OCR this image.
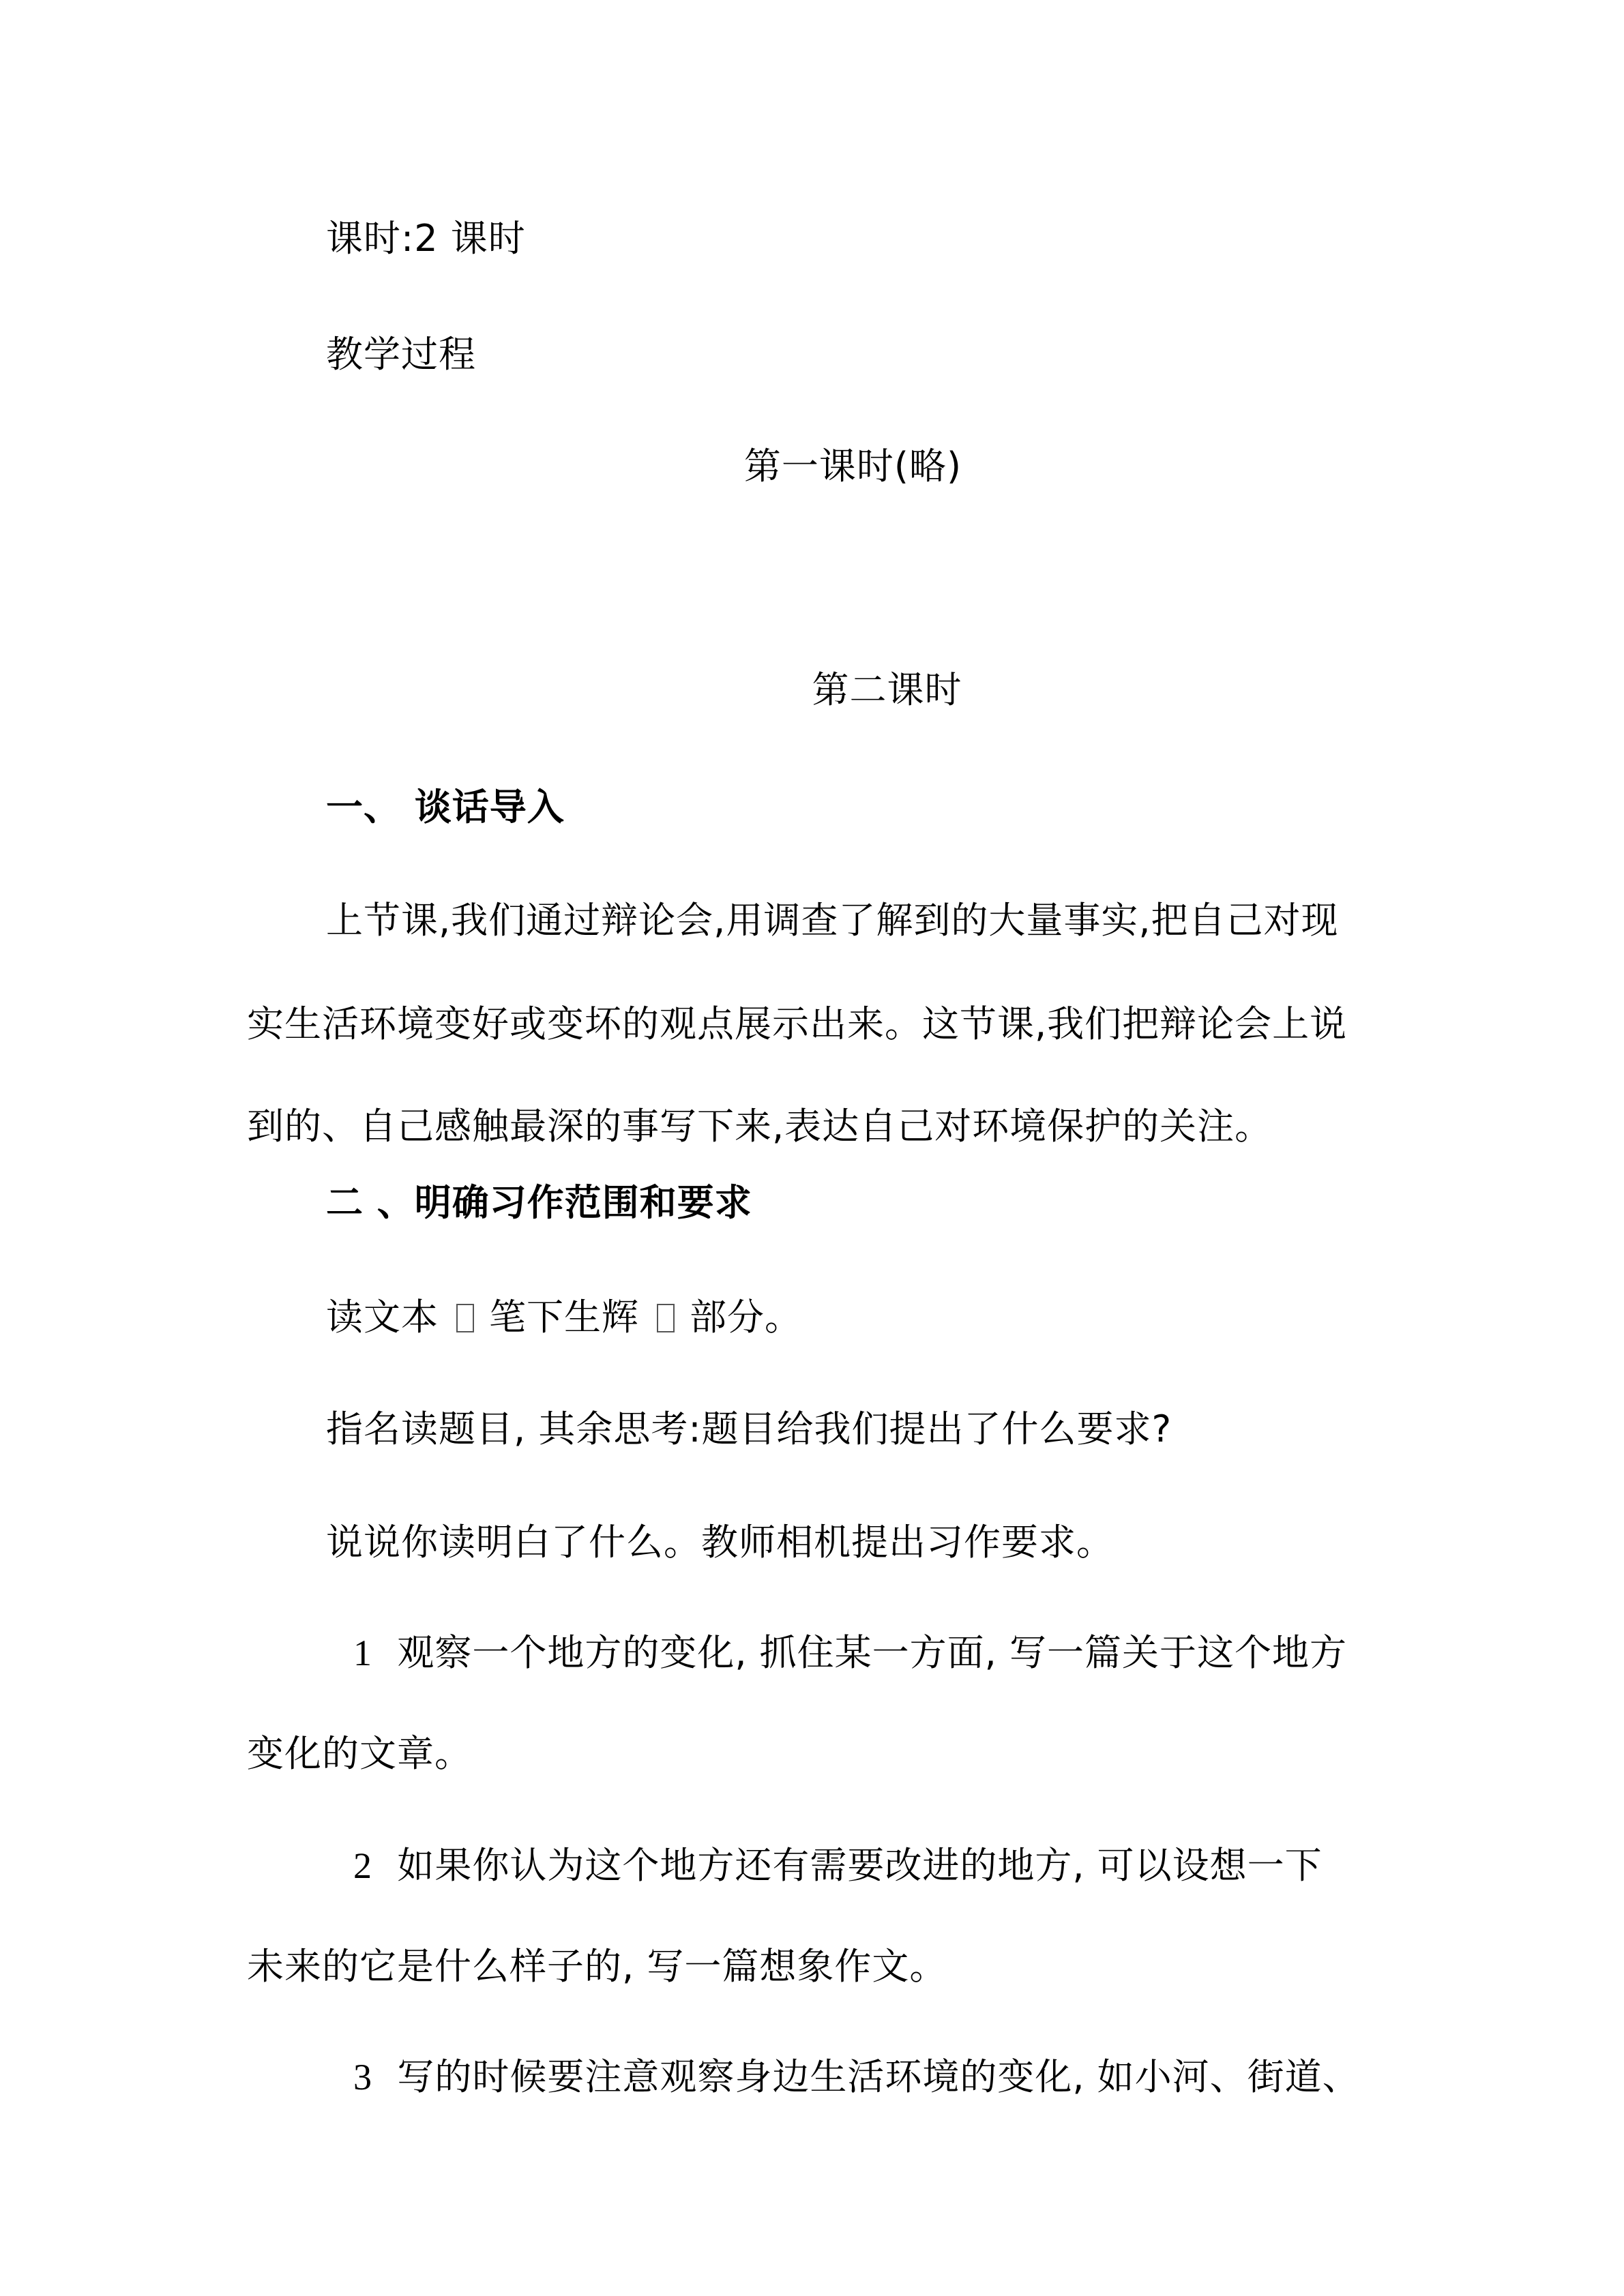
课时:2 课时
教学过程
第一课时(略)
第二课时
一、 谈话导入
上节课,我们通过辩论会,用调查了解到的大量事实,把自己对现
实生活环境变好或变坏的观点展示出来。这节课,我们把辩论会上说
到的、自己感触最深的事写下来,表达自己对环境保护的关注。
二 、明确习作范围和要求
读文本 笔下生辉 部分。
指名读题目, 其余思考:题目给我们提出了什么要求?
说说你读明白了什么。教师相机提出习作要求。
1 观察一个地方的变化, 抓住某一方面, 写一篇关于这个地方
变化的文章。
2 如果你认为这个地方还有需要改进的地方, 可以设想一下
未来的它是什么样子的, 写一篇想象作文。
3 写的时候要注意观察身边生活环境的变化, 如小河、街道、
